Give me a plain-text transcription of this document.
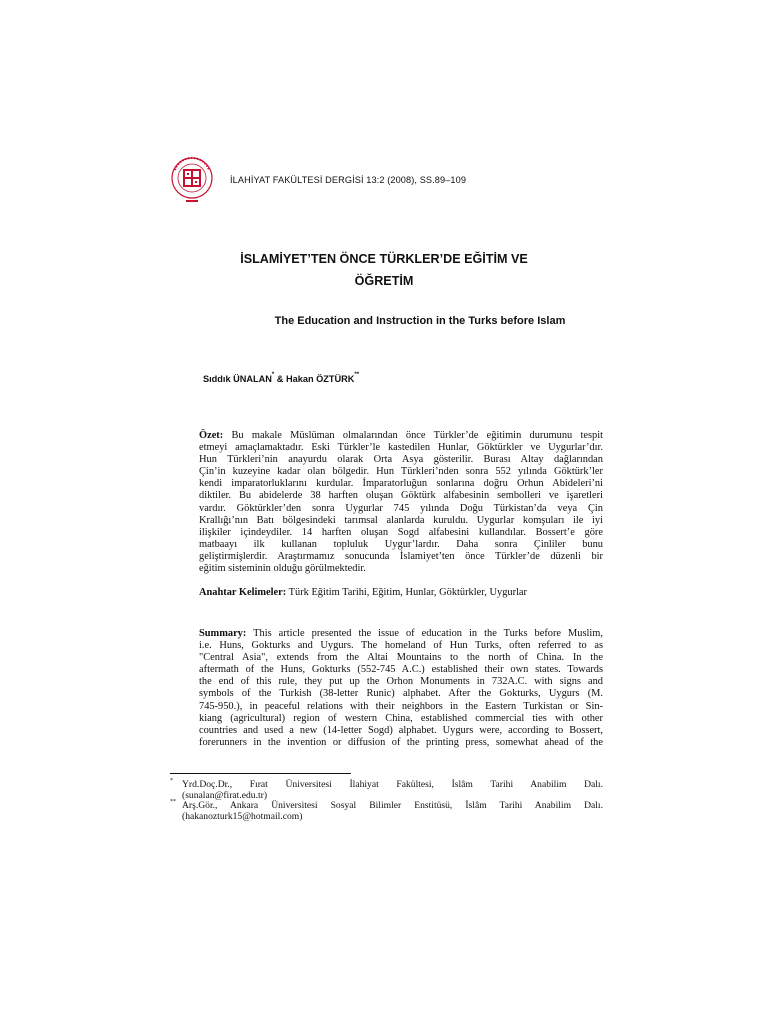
İLAHİYAT FAKÜLTESİ DERGİSİ 13:2 (2008), SS.89–109
İSLAMİYET’TEN ÖNCE TÜRKLER’DE EĞİTİM VE
ÖĞRETİM
The Education and Instruction in the Turks before Islam
Sıddık ÜNALAN* & Hakan ÖZTÜRK**
Özet: Bu makale Müslüman olmalarından önce Türkler’de eğitimin durumunu tespit
etmeyi amaçlamaktadır. Eski Türkler’le kastedilen Hunlar, Göktürkler ve Uygurlar’dır.
Hun Türkleri’nin anayurdu olarak Orta Asya gösterilir. Burası Altay dağlarından
Çin’in kuzeyine kadar olan bölgedir. Hun Türkleri’nden sonra 552 yılında Göktürk’ler
kendi imparatorluklarını kurdular. İmparatorluğun sonlarına doğru Orhun Abideleri’ni
diktiler. Bu abidelerde 38 harften oluşan Göktürk alfabesinin sembolleri ve işaretleri
vardır. Göktürkler’den sonra Uygurlar 745 yılında Doğu Türkistan’da veya Çin
Krallığı’nın Batı bölgesindeki tarımsal alanlarda kuruldu. Uygurlar komşuları ile iyi
ilişkiler içindeydiler. 14 harften oluşan Sogd alfabesini kullandılar. Bossert’e göre
matbaayı ilk kullanan topluluk Uygur’lardır. Daha sonra Çinliler bunu
geliştirmişlerdir. Araştırmamız sonucunda İslamiyet’ten önce Türkler’de düzenli bir
eğitim sisteminin olduğu görülmektedir.
Anahtar Kelimeler: Türk Eğitim Tarihi, Eğitim, Hunlar, Göktürkler, Uygurlar
Summary: This article presented the issue of education in the Turks before Muslim,
i.e. Huns, Gokturks and Uygurs. The homeland of Hun Turks, often referred to as
"Central Asia", extends from the Altai Mountains to the north of China. In the
aftermath of the Huns, Gokturks (552-745 A.C.) established their own states. Towards
the end of this rule, they put up the Orhon Monuments in 732A.C. with signs and
symbols of the Turkish (38-letter Runic) alphabet. After the Gokturks, Uygurs (M.
745-950.), in peaceful relations with their neighbors in the Eastern Turkistan or Sin-
kiang (agricultural) region of western China, established commercial ties with other
countries and used a new (14-letter Sogd) alphabet. Uygurs were, according to Bossert,
forerunners in the invention or diffusion of the printing press, somewhat ahead of the
* Yrd.Doç.Dr., Fırat Üniversitesi İlahiyat Fakültesi, İslâm Tarihi Anabilim Dalı.
(sunalan@firat.edu.tr)
** Arş.Gör., Ankara Üniversitesi Sosyal Bilimler Enstitüsü, İslâm Tarihi Anabilim Dalı.
(hakanozturk15@hotmail.com)
